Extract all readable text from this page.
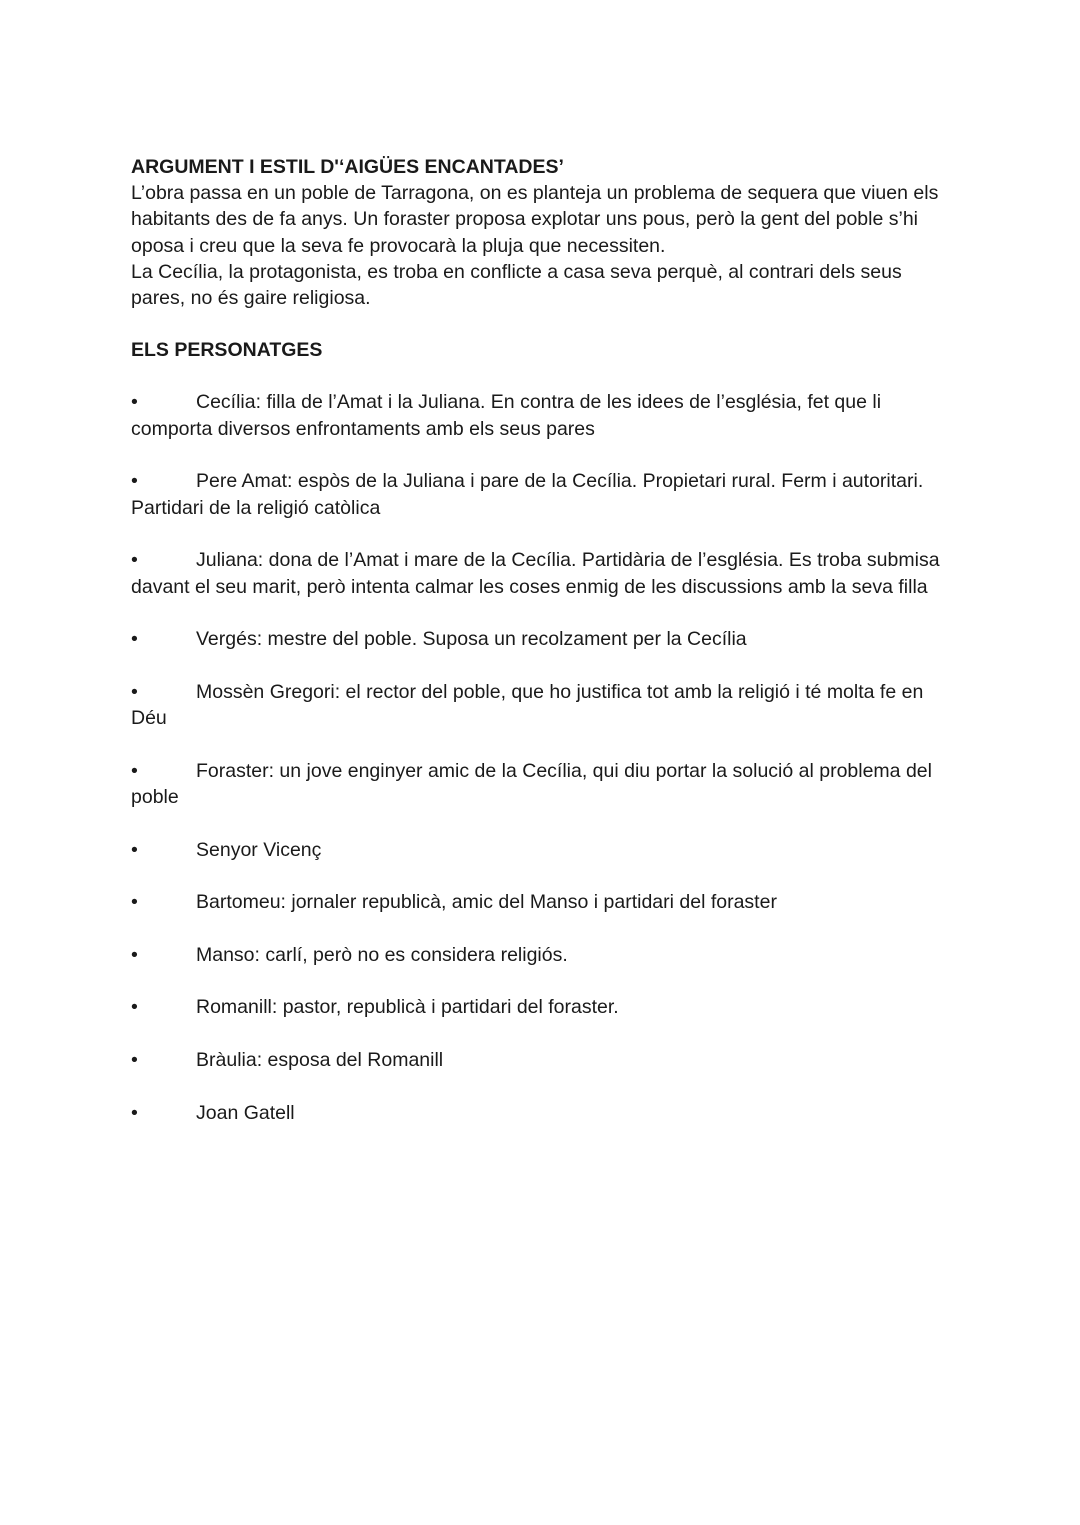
ARGUMENT I ESTIL D'‘AIGÜES ENCANTADES’

L’obra passa en un poble de Tarragona, on es planteja un problema de sequera que viuen els habitants des de fa anys. Un foraster proposa explotar uns pous, però la gent del poble s’hi oposa i creu que la seva fe provocarà la pluja que necessiten.

La Cecília, la protagonista, es troba en conflicte a casa seva perquè, al contrari dels seus pares, no és gaire religiosa.

ELS PERSONATGES
•	Cecília: filla de l’Amat i la Juliana. En contra de les idees de l’església, fet que li comporta diversos enfrontaments amb els seus pares
•	Pere Amat: espòs de la Juliana i pare de la Cecília. Propietari rural. Ferm i autoritari. Partidari de la religió catòlica
•	Juliana: dona de l’Amat i mare de la Cecília. Partidària de l’església. Es troba submisa davant el seu marit, però intenta calmar les coses enmig de les discussions amb la seva filla
•	Vergés: mestre del poble. Suposa un recolzament per la Cecília
•	Mossèn Gregori: el rector del poble, que ho justifica tot amb la religió i té molta fe en Déu
•	Foraster: un jove enginyer amic de la Cecília, qui diu portar la solució al problema del poble
•	Senyor Vicenç
•	Bartomeu: jornaler republicà, amic del Manso i partidari del foraster
•	Manso: carlí, però no es considera religiós.
•	Romanill: pastor, republicà i partidari del foraster.
•	Bràulia: esposa del Romanill
•	Joan Gatell
